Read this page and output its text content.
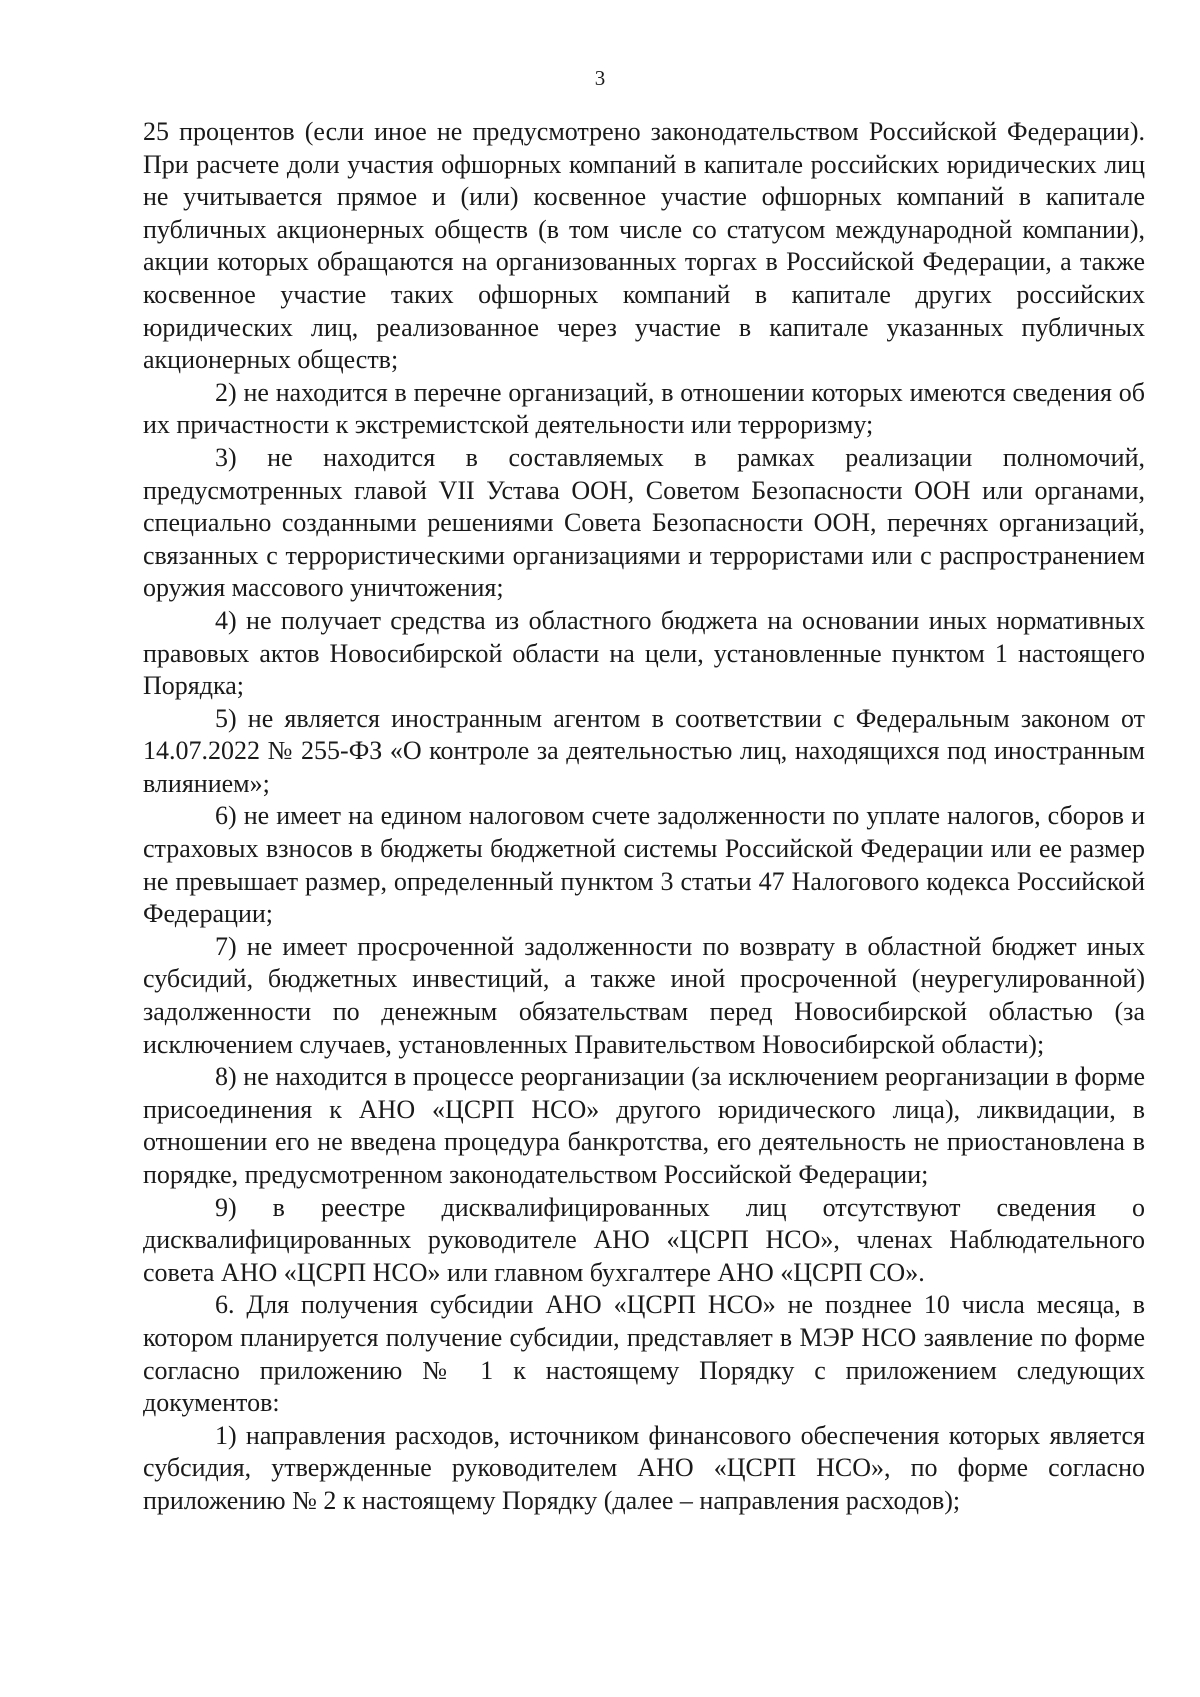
3

25 процентов (если иное не предусмотрено законодательством Российской Федерации). При расчете доли участия офшорных компаний в капитале российских юридических лиц не учитывается прямое и (или) косвенное участие офшорных компаний в капитале публичных акционерных обществ (в том числе со статусом международной компании), акции которых обращаются на организованных торгах в Российской Федерации, а также косвенное участие таких офшорных компаний в капитале других российских юридических лиц, реализованное через участие в капитале указанных публичных акционерных обществ;

2) не находится в перечне организаций, в отношении которых имеются сведения об их причастности к экстремистской деятельности или терроризму;

3) не находится в составляемых в рамках реализации полномочий, предусмотренных главой VII Устава ООН, Советом Безопасности ООН или органами, специально созданными решениями Совета Безопасности ООН, перечнях организаций, связанных с террористическими организациями и террористами или с распространением оружия массового уничтожения;

4) не получает средства из областного бюджета на основании иных нормативных правовых актов Новосибирской области на цели, установленные пунктом 1 настоящего Порядка;

5) не является иностранным агентом в соответствии с Федеральным законом от 14.07.2022 № 255-ФЗ «О контроле за деятельностью лиц, находящихся под иностранным влиянием»;

6) не имеет на едином налоговом счете задолженности по уплате налогов, сборов и страховых взносов в бюджеты бюджетной системы Российской Федерации или ее размер не превышает размер, определенный пунктом 3 статьи 47 Налогового кодекса Российской Федерации;

7) не имеет просроченной задолженности по возврату в областной бюджет иных субсидий, бюджетных инвестиций, а также иной просроченной (неурегулированной) задолженности по денежным обязательствам перед Новосибирской областью (за исключением случаев, установленных Правительством Новосибирской области);

8) не находится в процессе реорганизации (за исключением реорганизации в форме присоединения к АНО «ЦСРП НСО» другого юридического лица), ликвидации, в отношении его не введена процедура банкротства, его деятельность не приостановлена в порядке, предусмотренном законодательством Российской Федерации;

9) в реестре дисквалифицированных лиц отсутствуют сведения о дисквалифицированных руководителе АНО «ЦСРП НСО», членах Наблюдательного совета АНО «ЦСРП НСО» или главном бухгалтере АНО «ЦСРП СО».

6. Для получения субсидии АНО «ЦСРП НСО» не позднее 10 числа месяца, в котором планируется получение субсидии, представляет в МЭР НСО заявление по форме согласно приложению № 1 к настоящему Порядку с приложением следующих документов:

1) направления расходов, источником финансового обеспечения которых является субсидия, утвержденные руководителем АНО «ЦСРП НСО», по форме согласно приложению № 2 к настоящему Порядку (далее – направления расходов);
